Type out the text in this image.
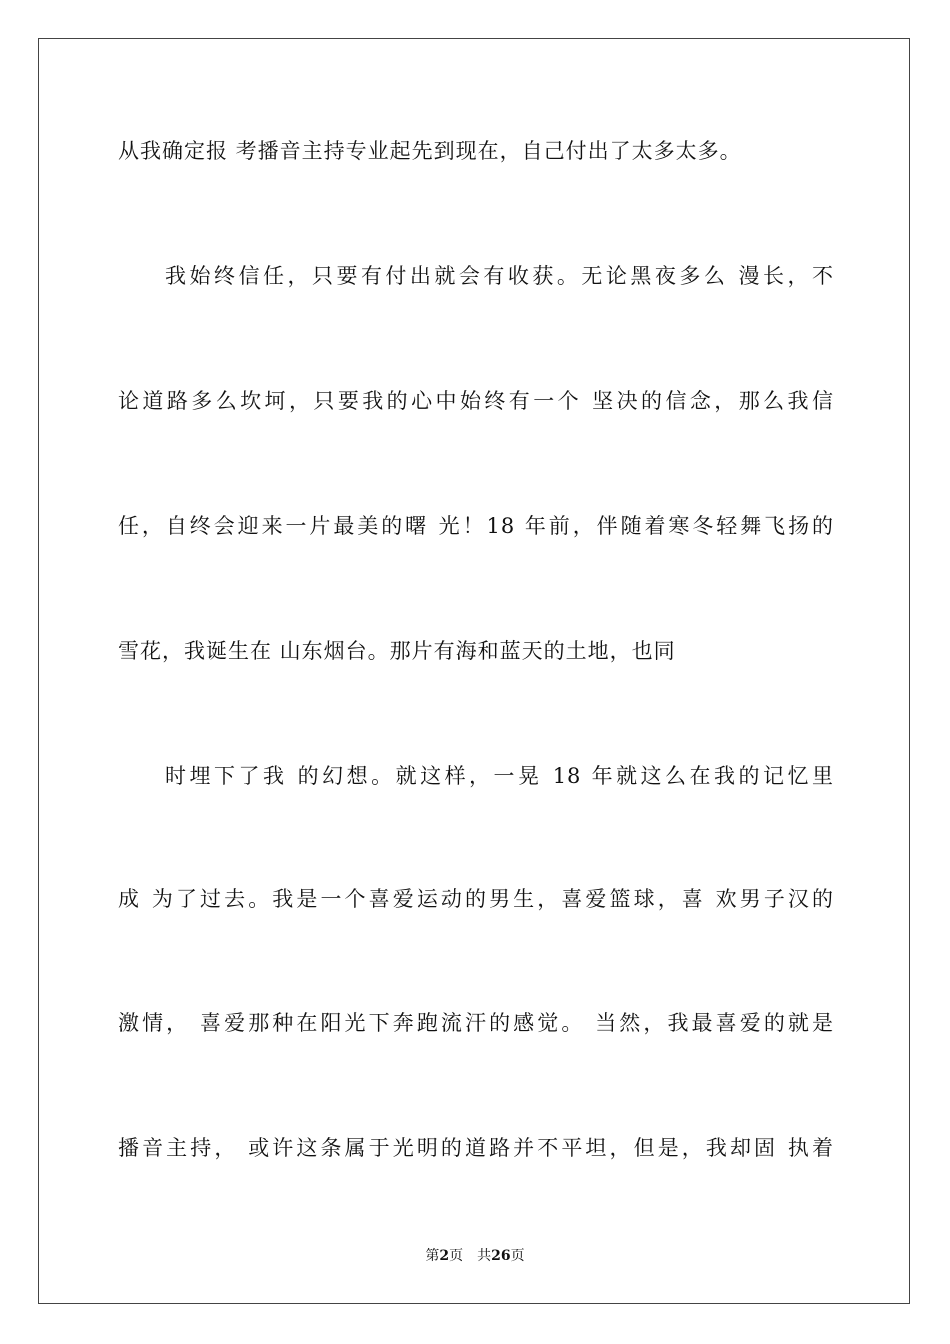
从我确定报 考播音主持专业起先到现在，自己付出了太多太多。
我始终信任，只要有付出就会有收获。无论黑夜多么 漫长，不
论道路多么坎坷，只要我的心中始终有一个 坚决的信念，那么我信
任，自终会迎来一片最美的曙 光！18 年前，伴随着寒冬轻舞飞扬的
雪花，我诞生在 山东烟台。那片有海和蓝天的土地，也同
时埋下了我 的幻想。就这样，一晃 18 年就这么在我的记忆里
成 为了过去。我是一个喜爱运动的男生，喜爱篮球，喜 欢男子汉的
激情， 喜爱那种在阳光下奔跑流汗的感觉。 当然，我最喜爱的就是
播音主持， 或许这条属于光明的道路并不平坦，但是，我却固 执着
第2页 共26页
